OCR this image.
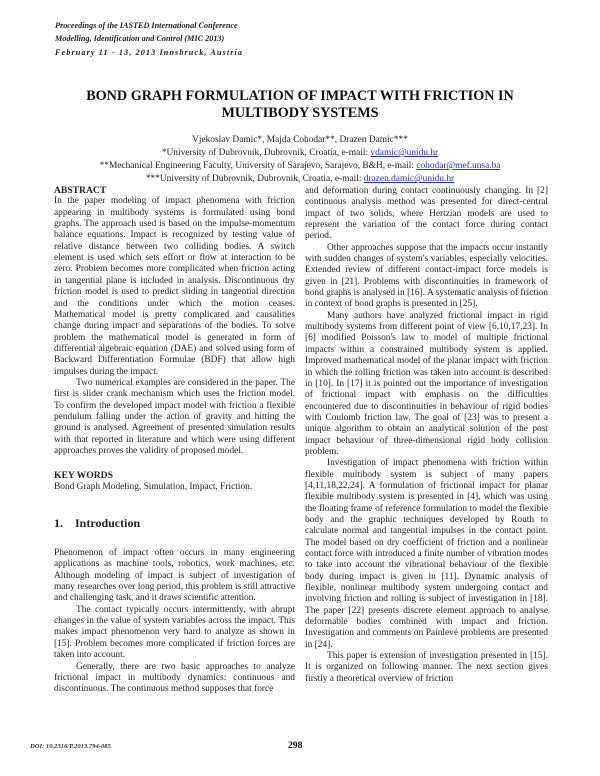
Proceedings of the IASTED International Conference
Modelling, Identification and Control (MIC 2013)
February 11 - 13, 2013 Innsbruck, Austria
BOND GRAPH FORMULATION OF IMPACT WITH FRICTION IN
MULTIBODY SYSTEMS
Vjekoslav Damic*, Majda Cohodar**, Drazen Damic***
*University of Dubrovnik, Dubrovnik, Croatia, e-mail: vdamic@unidu.hr
**Mechanical Engineering Faculty, University of Sarajevo, Sarajevo, B&H, e-mail: cohodar@mef.unsa.ba
***University of Dubrovnik, Dubrovnik, Croatia, e-mail: drazen.damic@unidu.hr
ABSTRACT

In the paper modeling of impact phenomena with friction appearing in multibody systems is formulated using bond graphs. The approach used is based on the impulse-momentum balance equations. Impact is recognized by testing value of relative distance between two colliding bodies. A switch element is used which sets effort or flow at interaction to be zero. Problem becomes more complicated when friction acting in tangential plane is included in analysis. Discontinuous dry friction model is used to predict sliding in tangential direction and the conditions under which the motion ceases. Mathematical model is pretty complicated and causalities change during impact and separations of the bodies. To solve problem the mathematical model is generated in form of differential algebraic equation (DAE) and solved using form of Backward Differentiation Formulae (BDF) that allow high impulses during the impact.

Two numerical examples are considered in the paper. The first is slider crank mechanism which uses the friction model. To confirm the developed impact model with friction a flexible pendulum falling under the action of gravity and hitting the ground is analysed. Agreement of presented simulation results with that reported in literature and which were using different approaches proves the validity of proposed model.

KEY WORDS

Bond Graph Modeling, Simulation, Impact, Friction.

1. Introduction

Phenomenon of impact often occurs in many engineering applications as machine tools, robotics, work machines, etc. Although modeling of impact is subject of investigation of many researches over long period, this problem is still attractive and challenging task, and it draws scientific attention.

The contact typically occurs intermittently, with abrupt changes in the value of system variables across the impact. This makes impact phenomenon very hard to analyze as shown in [15]. Problem becomes more complicated if friction forces are taken into account.

Generally, there are two basic approaches to analyze frictional impact in multibody dynamics: continuous and discontinuous. The continuous method supposes that force

and deformation during contact continuously changing. In [2] continuous analysis method was presented for direct-central impact of two solids, where Hertzian models are used to represent the variation of the contact force during contact period.

Other approaches suppose that the impacts occur instantly with sudden changes of system's variables, especially velocities. Extended review of different contact-impact force models is given in [21]. Problems with discontinuities in framework of bond graphs is analysed in [16]. A systematic analysis of friction in context of bond graphs is presented in [25].

Many authors have analyzed frictional impact in rigid multibody systems from different point of view [6,10,17,23]. In [6] modified Poisson's law to model of multiple frictional impacts within a constrained multibody system is applied. Improved mathematical model of the planar impact with friction in which the rolling friction was taken into account is described in [10]. In [17] it is pointed out the importance of investigation of frictional impact with emphasis on the difficulties encountered due to discontinuities in behaviour of rigid bodies with Coulomb friction law. The goal of [23] was to present a unique algorithm to obtain an analytical solution of the post impact behaviour of three-dimensional rigid body collision problem.

Investigation of impact phenomena with friction within flexible multibody system is subject of many papers [4,11,18,22,24]. A formulation of frictional impact for planar flexible multibody system is presented in [4], which was using the floating frame of reference formulation to model the flexible body and the graphic techniques developed by Routh to calculate normal and tangential impulses in the contact point. The model based on dry coefficient of friction and a nonlinear contact force with introduced a finite number of vibration modes to take into account the vibrational behaviour of the flexible body during impact is given in [11]. Dynamic analysis of flexible, nonlinear multibody system undergoing contact and involving friction and rolling is subject of investigation in [18]. The paper [22] presents discrete element approach to analyse deformable bodies combined with impact and friction. Investigation and comments on Painlevé problems are presented in [24].

This paper is extension of investigation presented in [15]. It is organized on following manner. The next section gives firstly a theoretical overview of friction

DOI: 10.2316/P.2013.794-085	298
